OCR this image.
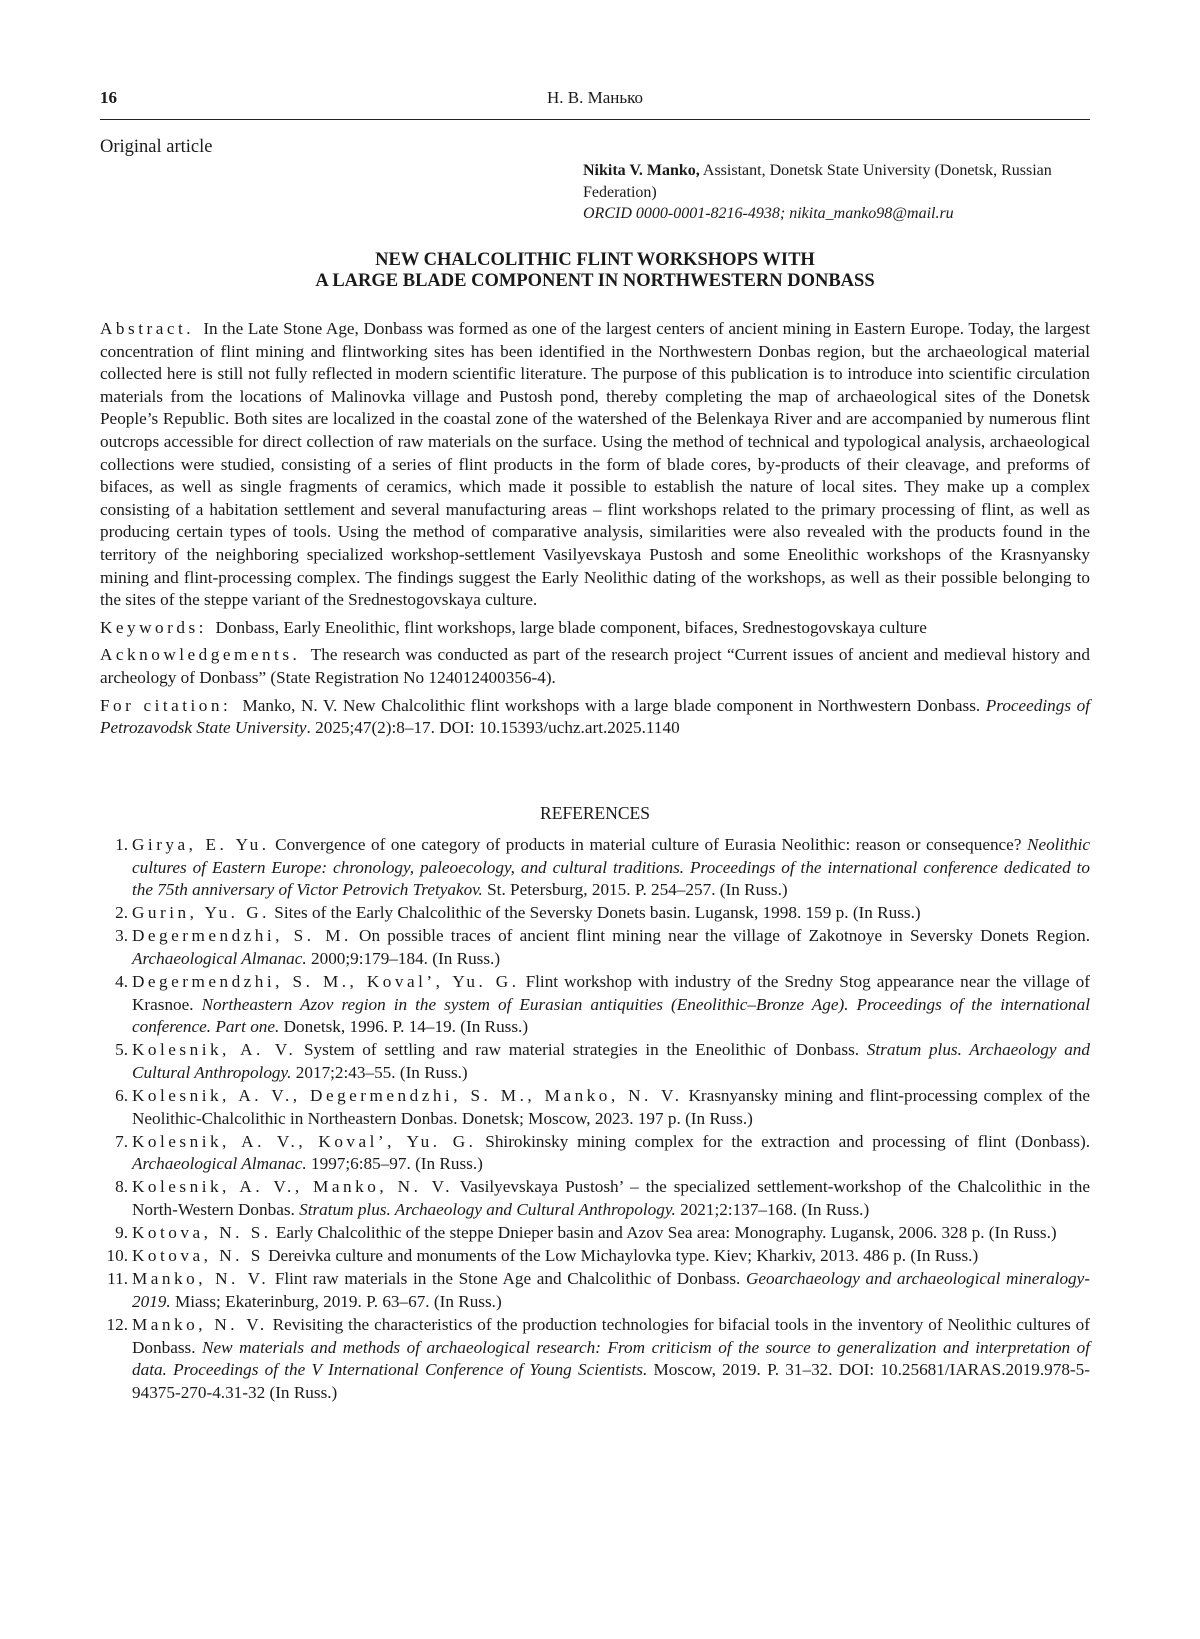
16	Н. В. Манько
Original article
Nikita V. Manko, Assistant, Donetsk State University (Donetsk, Russian Federation)
ORCID 0000-0001-8216-4938; nikita_manko98@mail.ru
NEW CHALCOLITHIC FLINT WORKSHOPS WITH
A LARGE BLADE COMPONENT IN NORTHWESTERN DONBASS

Abstract. In the Late Stone Age, Donbass was formed as one of the largest centers of ancient mining in Eastern Europe. Today, the largest concentration of flint mining and flintworking sites has been identified in the Northwestern Donbas region, but the archaeological material collected here is still not fully reflected in modern scientific literature. The purpose of this publication is to introduce into scientific circulation materials from the locations of Malinovka village and Pustosh pond, thereby completing the map of archaeological sites of the Donetsk People’s Republic. Both sites are localized in the coastal zone of the watershed of the Belenkaya River and are accompanied by numerous flint outcrops accessible for direct collection of raw materials on the surface. Using the method of technical and typological analysis, archaeological collections were studied, consisting of a series of flint products in the form of blade cores, by-products of their cleavage, and preforms of bifaces, as well as single fragments of ceramics, which made it possible to establish the nature of local sites. They make up a complex consisting of a habitation settlement and several manufacturing areas – flint workshops related to the primary processing of flint, as well as producing certain types of tools. Using the method of comparative analysis, similarities were also revealed with the products found in the territory of the neighboring specialized workshop-settlement Vasilyevskaya Pustosh and some Eneolithic workshops of the Krasnyansky mining and flint-processing complex. The findings suggest the Early Neolithic dating of the workshops, as well as their possible belonging to the sites of the steppe variant of the Srednestogovskaya culture.

Keywords: Donbass, Early Eneolithic, flint workshops, large blade component, bifaces, Srednestogovskaya culture

Acknowledgements. The research was conducted as part of the research project “Current issues of ancient and medieval history and archeology of Donbass” (State Registration No 124012400356-4).

For citation: Manko, N. V. New Chalcolithic flint workshops with a large blade component in Northwestern Donbass. Proceedings of Petrozavodsk State University. 2025;47(2):8–17. DOI: 10.15393/uchz.art.2025.1140

REFERENCES
1. Girya, E. Yu. Convergence of one category of products in material culture of Eurasia Neolithic: reason or consequence? Neolithic cultures of Eastern Europe: chronology, paleoecology, and cultural traditions. Proceedings of the international conference dedicated to the 75th anniversary of Victor Petrovich Tretyakov. St. Petersburg, 2015. P. 254–257. (In Russ.)
2. Gurin, Yu. G. Sites of the Early Chalcolithic of the Seversky Donets basin. Lugansk, 1998. 159 p. (In Russ.)
3. Degermendzhi, S. M. On possible traces of ancient flint mining near the village of Zakotnoye in Seversky Donets Region. Archaeological Almanac. 2000;9:179–184. (In Russ.)
4. Degermendzhi, S. M., Koval’, Yu. G. Flint workshop with industry of the Sredny Stog appearance near the village of Krasnoe. Northeastern Azov region in the system of Eurasian antiquities (Eneolithic–Bronze Age). Proceedings of the international conference. Part one. Donetsk, 1996. P. 14–19. (In Russ.)
5. Kolesnik, A. V. System of settling and raw material strategies in the Eneolithic of Donbass. Stratum plus. Archaeology and Cultural Anthropology. 2017;2:43–55. (In Russ.)
6. Kolesnik, A. V., Degermendzhi, S. M., Manko, N. V. Krasnyansky mining and flint-processing complex of the Neolithic-Chalcolithic in Northeastern Donbas. Donetsk; Moscow, 2023. 197 p. (In Russ.)
7. Kolesnik, A. V., Koval’, Yu. G. Shirokinsky mining complex for the extraction and processing of flint (Donbass). Archaeological Almanac. 1997;6:85–97. (In Russ.)
8. Kolesnik, A. V., Manko, N. V. Vasilyevskaya Pustosh’ – the specialized settlement-workshop of the Chalcolithic in the North-Western Donbas. Stratum plus. Archaeology and Cultural Anthropology. 2021;2:137–168. (In Russ.)
9. Kotova, N. S. Early Chalcolithic of the steppe Dnieper basin and Azov Sea area: Monography. Lugansk, 2006. 328 p. (In Russ.)
10. Kotova, N. S Dereivka culture and monuments of the Low Michaylovka type. Kiev; Kharkiv, 2013. 486 p. (In Russ.)
11. Manko, N. V. Flint raw materials in the Stone Age and Chalcolithic of Donbass. Geoarchaeology and archaeological mineralogy-2019. Miass; Ekaterinburg, 2019. P. 63–67. (In Russ.)
12. Manko, N. V. Revisiting the characteristics of the production technologies for bifacial tools in the inventory of Neolithic cultures of Donbass. New materials and methods of archaeological research: From criticism of the source to generalization and interpretation of data. Proceedings of the V International Conference of Young Scientists. Moscow, 2019. P. 31–32. DOI: 10.25681/IARAS.2019.978-5-94375-270-4.31-32 (In Russ.)
